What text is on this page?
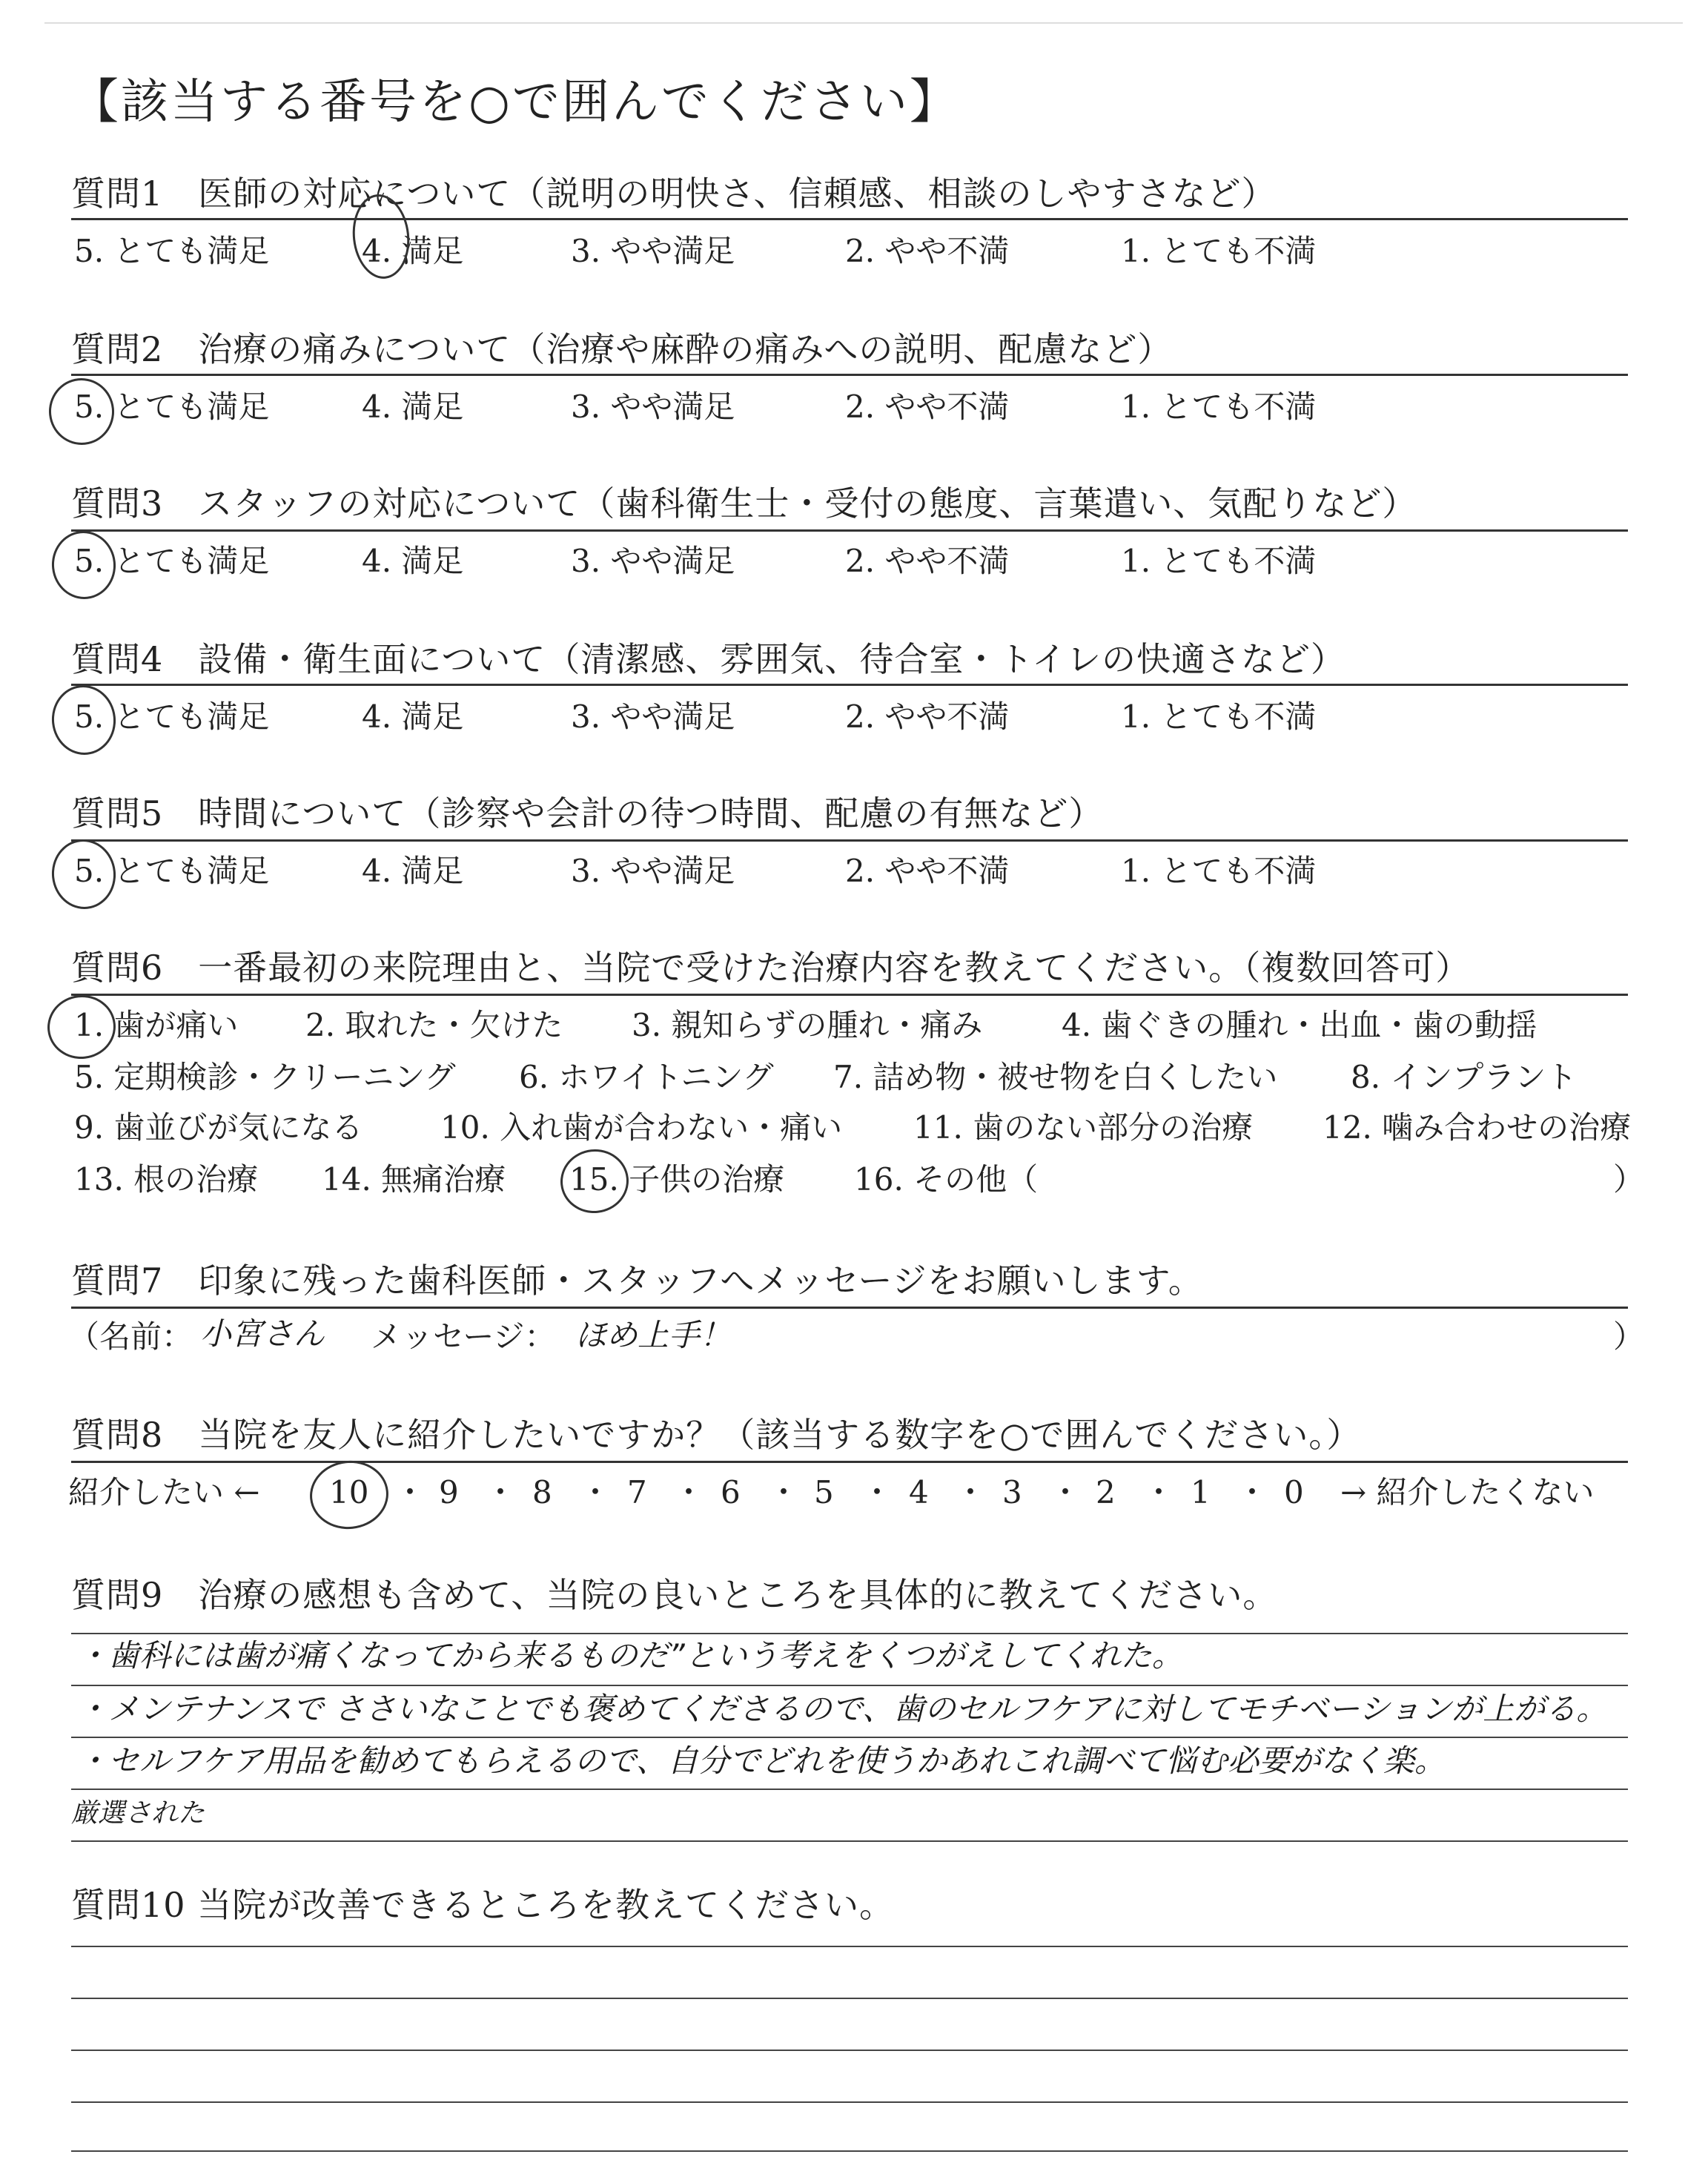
【該当する番号を○で囲んでください】
質問1　医師の対応について（説明の明快さ、信頼感、相談のしやすさなど）
5. とても満足	4. 満足	3. やや満足	2. やや不満	1. とても不満
質問2　治療の痛みについて（治療や麻酔の痛みへの説明、配慮など）
5. とても満足	4. 満足	3. やや満足	2. やや不満	1. とても不満
質問3　スタッフの対応について（歯科衛生士・受付の態度、言葉遣い、気配りなど）
5. とても満足	4. 満足	3. やや満足	2. やや不満	1. とても不満
質問4　設備・衛生面について（清潔感、雰囲気、待合室・トイレの快適さなど）
5. とても満足	4. 満足	3. やや満足	2. やや不満	1. とても不満
質問5　時間について（診察や会計の待つ時間、配慮の有無など）
5. とても満足	4. 満足	3. やや満足	2. やや不満	1. とても不満
質問6　一番最初の来院理由と、当院で受けた治療内容を教えてください。（複数回答可）
1. 歯が痛い 2. 取れた・欠けた 3. 親知らずの腫れ・痛み	4. 歯ぐきの腫れ・出血・歯の動揺
5. 定期検診・クリーニング 6. ホワイトニング 7. 詰め物・被せ物を白くしたい 8. インプラント
9. 歯並びが気になる 10. 入れ歯が合わない・痛い 11. 歯のない部分の治療 12. 噛み合わせの治療
13. 根の治療 14. 無痛治療 15. 子供の治療 16. その他（	）
質問7　印象に残った歯科医師・スタッフへメッセージをお願いします。
（名前： 小宮さん メッセージ： ほめ上手！	）
質問8　当院を友人に紹介したいですか？（該当する数字を○で囲んでください。）
紹介したい ← 10 ・ 9 ・ 8 ・ 7 ・ 6 ・ 5 ・ 4 ・ 3 ・ 2 ・ 1 ・ 0 → 紹介したくない
質問9　治療の感想も含めて、当院の良いところを具体的に教えてください。
・歯科には歯が痛くなってから来るものだ”という考えをくつがえしてくれた。
・メンテナンスで ささいなことでも褒めてくださるので、歯のセルフケアに対してモチベーションが上がる。
・セルフケア用品を勧めてもらえるので、自分でどれを使うかあれこれ調べて悩む必要がなく楽。
厳選された
質問10 当院が改善できるところを教えてください。
